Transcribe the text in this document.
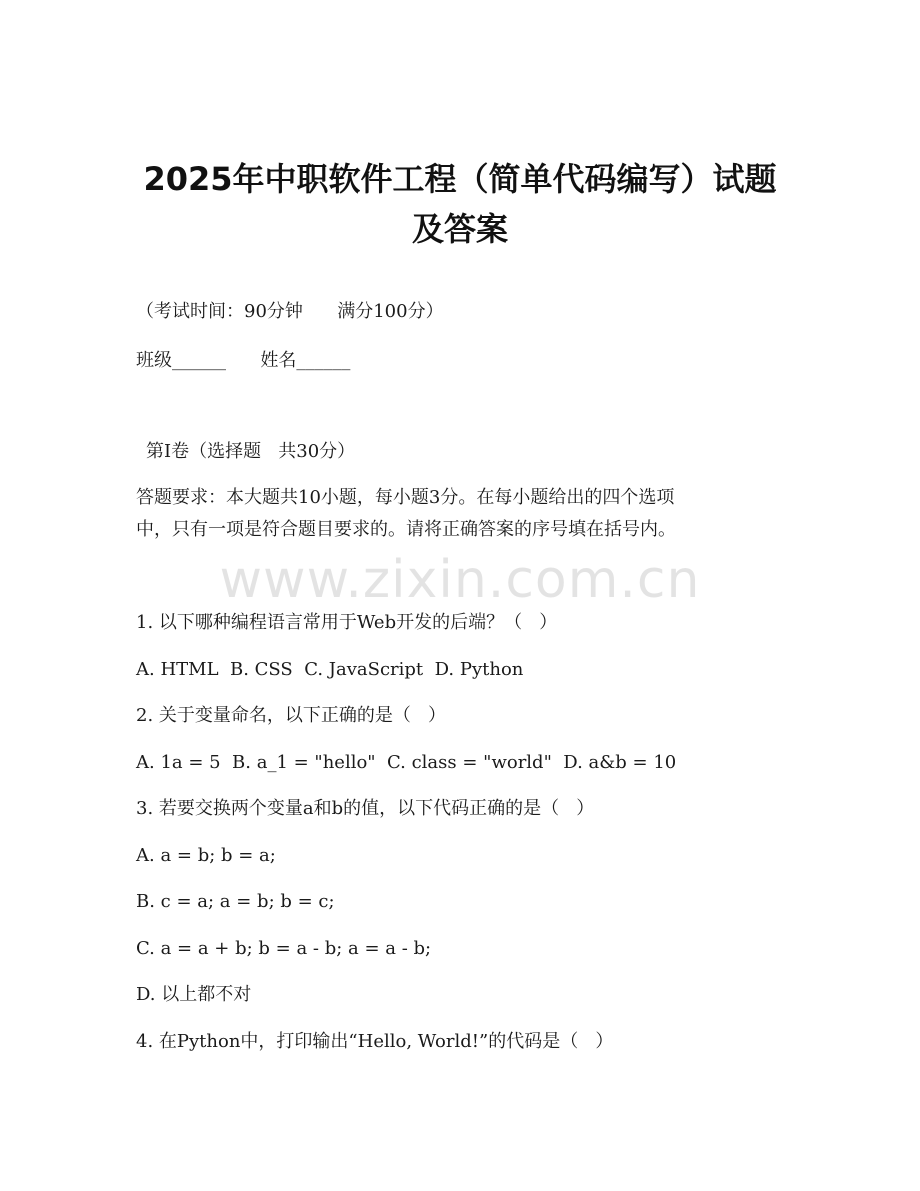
2025年中职软件工程（简单代码编写）试题
及答案
（考试时间：90分钟      满分100分）
班级______      姓名______
第Ⅰ卷（选择题   共30分）
答题要求：本大题共10小题，每小题3分。在每小题给出的四个选项
中，只有一项是符合题目要求的。请将正确答案的序号填在括号内。
www.zixin.com.cn
1. 以下哪种编程语言常用于Web开发的后端？（   ）
A. HTML  B. CSS  C. JavaScript  D. Python
2. 关于变量命名，以下正确的是（   ）
A. 1a = 5  B. a_1 = "hello"  C. class = "world"  D. a&b = 10
3. 若要交换两个变量a和b的值，以下代码正确的是（   ）
A. a = b; b = a;
B. c = a; a = b; b = c;
C. a = a + b; b = a - b; a = a - b;
D. 以上都不对
4. 在Python中，打印输出“Hello, World!”的代码是（   ）
